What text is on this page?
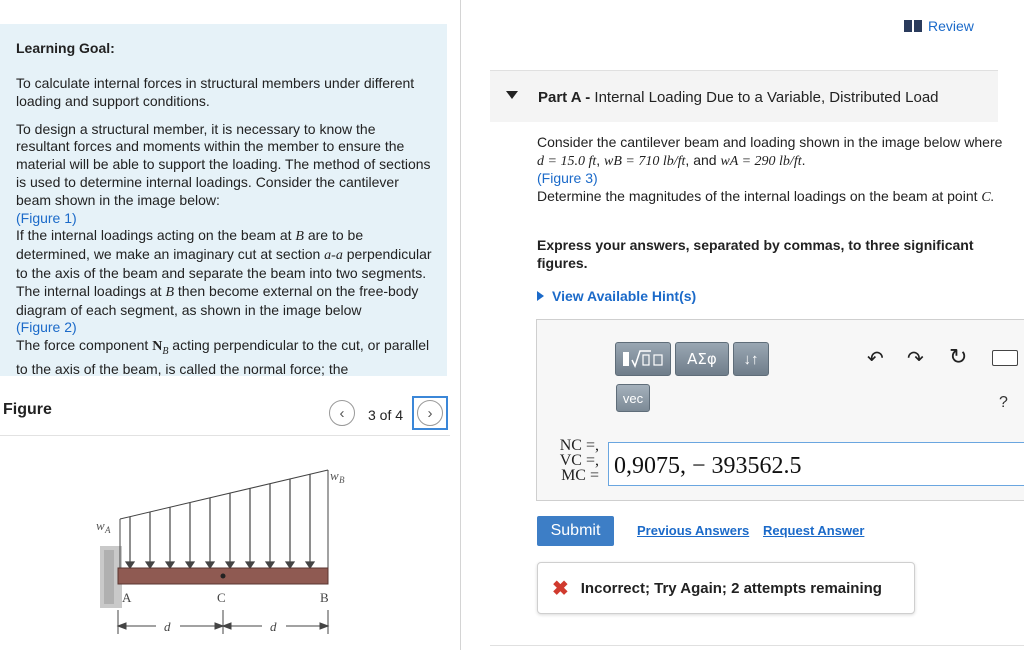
Learning Goal:

To calculate internal forces in structural members under different loading and support conditions.

To design a structural member, it is necessary to know the resultant forces and moments within the member to ensure the material will be able to support the loading. The method of sections is used to determine internal loadings. Consider the cantilever beam shown in the image below:
(Figure 1)
If the internal loadings acting on the beam at B are to be determined, we make an imaginary cut at section a-a perpendicular to the axis of the beam and separate the beam into two segments. The internal loadings at B then become external on the free-body diagram of each segment, as shown in the image below
(Figure 2)
The force component $N_B$ acting perpendicular to the cut, or parallel to the axis of the beam, is called the normal force; the

Figure	‹ 3 of 4 ›
w A
w B
A	C	B
d	d
Review
Part A - Internal Loading Due to a Variable, Distributed Load
Consider the cantilever beam and loading shown in the image below where d = 15.0 ft, wB = 710 lb/ft, and wA = 290 lb/ft.
(Figure 3)
Determine the magnitudes of the internal loadings on the beam at point C.
Express your answers, separated by commas, to three significant figures.
View Available Hint(s)
ΑΣφ	↓↑
vec
↶ ↷ ↻
?
NC =,
VC =,
MC = 0,9075, − 393562.5
Submit	Previous Answers Request Answer
✖ Incorrect; Try Again; 2 attempts remaining
